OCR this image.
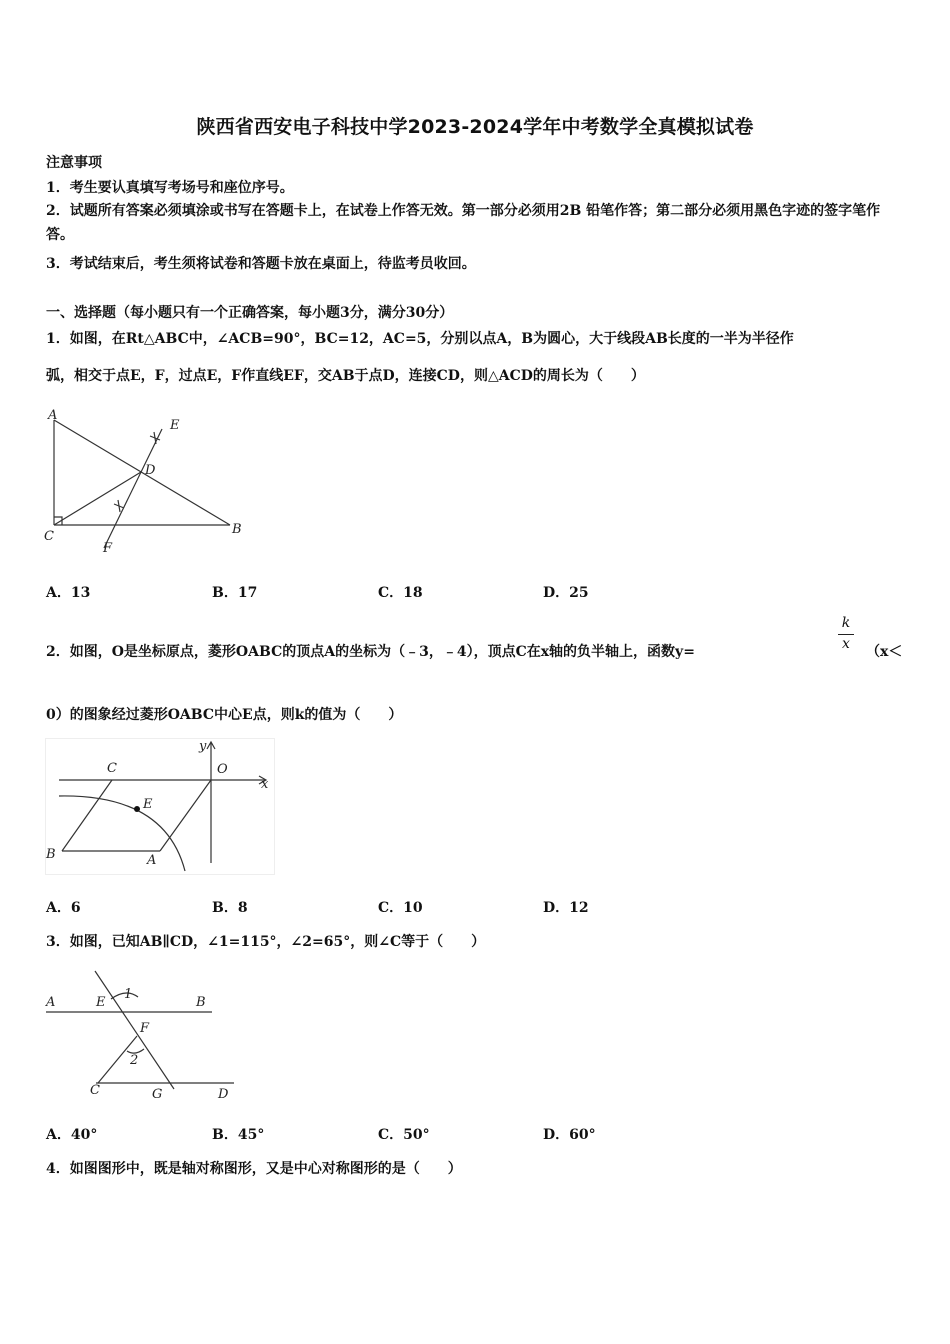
陕西省西安电子科技中学2023-2024学年中考数学全真模拟试卷
注意事项
1．考生要认真填写考场号和座位序号。
2．试题所有答案必须填涂或书写在答题卡上，在试卷上作答无效。第一部分必须用2B 铅笔作答；第二部分必须用黑色字迹的签字笔作答。
3．考试结束后，考生须将试卷和答题卡放在桌面上，待监考员收回。
一、选择题（每小题只有一个正确答案，每小题3分，满分30分）
1．如图，在Rt△ABC中，∠ACB=90°，BC=12，AC=5，分别以点A，B为圆心，大于线段AB长度的一半为半径作
弧，相交于点E，F，过点E，F作直线EF，交AB于点D，连接CD，则△ACD的周长为（　　）
A
E
D
C	B
F
A．13	B．17	C．18	D．25
2．如图，O是坐标原点，菱形OABC的顶点A的坐标为（﹣3，﹣4），顶点C在x轴的负半轴上，函数y=
k
x	（x＜
0）的图象经过菱形OABC中心E点，则k的值为（　　）
y
x
O
C
E
B	A
A．6	B．8	C．10	D．12
3．如图，已知AB∥CD，∠1=115°，∠2=65°，则∠C等于（　　）
A	E
1
B
F
2
C	G	D
A．40°	B．45°	C．50°	D．60°
4．如图图形中，既是轴对称图形，又是中心对称图形的是（　　）
